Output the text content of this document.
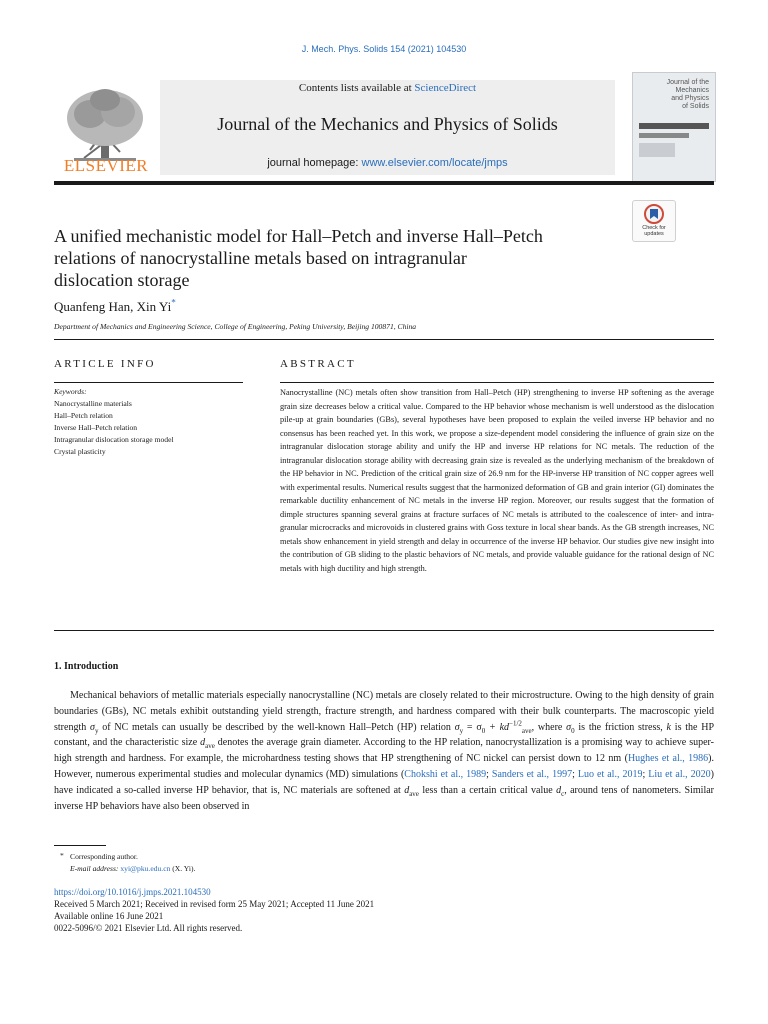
J. Mech. Phys. Solids 154 (2021) 104530
ELSEVIER
Contents lists available at ScienceDirect
Journal of the Mechanics and Physics of Solids
journal homepage: www.elsevier.com/locate/jmps
Journal of the
Mechanics
and Physics
of Solids
A unified mechanistic model for Hall–Petch and inverse Hall–Petch
relations of nanocrystalline metals based on intragranular
dislocation storage
Check for
updates
Quanfeng Han, Xin Yi*
Department of Mechanics and Engineering Science, College of Engineering, Peking University, Beijing 100871, China
ARTICLE INFO	ABSTRACT
Keywords:
Nanocrystalline materials
Hall–Petch relation
Inverse Hall–Petch relation
Intragranular dislocation storage model
Crystal plasticity
Nanocrystalline (NC) metals often show transition from Hall–Petch (HP) strengthening to inverse HP softening as the average grain size decreases below a critical value. Compared to the HP behavior whose mechanism is well understood as the dislocation pile-up at grain boundaries (GBs), several hypotheses have been proposed to explain the veiled inverse HP behavior and no consensus has been reached yet. In this work, we propose a size-dependent model considering the influence of grain size on the intragranular dislocation storage ability and unify the HP and inverse HP relations for NC metals. The reduction of the intragranular dislocation storage ability with decreasing grain size is revealed as the underlying mechanism of the breakdown of the HP behavior in NC. Prediction of the critical grain size of 26.9 nm for the HP-inverse HP transition of NC copper agrees well with experimental results. Numerical results suggest that the harmonized deformation of GB and grain interior (GI) dominates the remarkable ductility enhancement of NC metals in the inverse HP region. Moreover, our results suggest that the formation of dimple structures spanning several grains at fracture surfaces of NC metals is attributed to the coalescence of inter- and intra-granular microcracks and microvoids in clustered grains with Goss texture in local shear bands. As the GB strength increases, NC metals show enhancement in yield strength and delay in occurrence of the inverse HP behavior. Our studies give new insight into the contribution of GB sliding to the plastic behaviors of NC metals, and provide valuable guidance for the rational design of NC metals with high ductility and high strength.
1. Introduction
Mechanical behaviors of metallic materials especially nanocrystalline (NC) metals are closely related to their microstructure. Owing to the high density of grain boundaries (GBs), NC metals exhibit outstanding yield strength, fracture strength, and hardness compared with their bulk counterparts. The macroscopic yield strength $\sigma_y$ of NC metals can usually be described by the well-known Hall–Petch (HP) relation $\sigma_y = \sigma_0 + kd^{-1/2}_{ave}$, where $\sigma_0$ is the friction stress, k is the HP constant, and the characteristic size $d_{ave}$ denotes the average grain diameter. According to the HP relation, nanocrystallization is a promising way to achieve super-high strength and hardness. For example, the microhardness testing shows that HP strengthening of NC nickel can persist down to 12 nm (Hughes et al., 1986). However, numerous experimental studies and molecular dynamics (MD) simulations (Chokshi et al., 1989; Sanders et al., 1997; Luo et al., 2019; Liu et al., 2020) have indicated a so-called inverse HP behavior, that is, NC materials are softened at $d_{ave}$ less than a certain critical value $d_c$, around tens of nanometers. Similar inverse HP behaviors have also been observed in
* Corresponding author.
E-mail address: xyi@pku.edu.cn (X. Yi).
https://doi.org/10.1016/j.jmps.2021.104530
Received 5 March 2021; Received in revised form 25 May 2021; Accepted 11 June 2021
Available online 16 June 2021
0022-5096/© 2021 Elsevier Ltd. All rights reserved.
